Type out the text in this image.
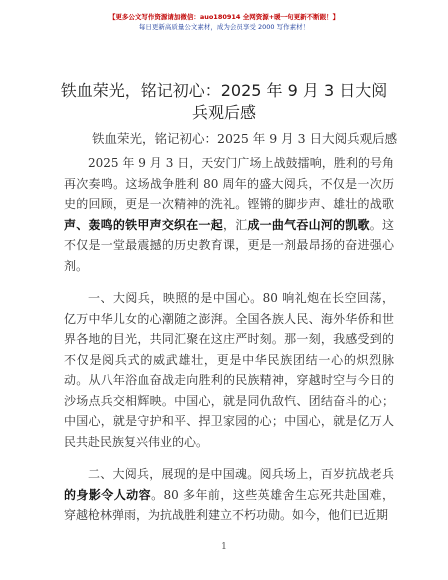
【更多公文写作资源请加微信：auo180914 全网资源+暖一句更新不断跟！】
每日更新高质量公文素材，成为会员享受 2000 写作素材！
铁血荣光，铭记初心：2025 年 9 月 3 日大阅兵观后感
铁血荣光，铭记初心：2025 年 9 月 3 日大阅兵观后感

2025 年 9 月 3 日，天安门广场上战鼓擂响，胜利的号角再次奏鸣。这场战争胜利 80 周年的盛大阅兵，不仅是一次历史的回顾，更是一次精神的洗礼。铿锵的脚步声、雄壮的战歌声、轰鸣的铁甲声交织在一起，汇成一曲气吞山河的凯歌。这不仅是一堂最震撼的历史教育课，更是一剂最昂扬的奋进强心剂。

一、大阅兵，映照的是中国心。80 响礼炮在长空回荡，亿万中华儿女的心潮随之澎湃。全国各族人民、海外华侨和世界各地的目光，共同汇聚在这庄严时刻。那一刻，我感受到的不仅是阅兵式的威武雄壮，更是中华民族团结一心的炽烈脉动。从八年浴血奋战走向胜利的民族精神，穿越时空与今日的沙场点兵交相辉映。中国心，就是同仇敌忾、团结奋斗的心；中国心，就是守护和平、捍卫家园的心；中国心，就是亿万人民共赴民族复兴伟业的心。

二、大阅兵，展现的是中国魂。阅兵场上，百岁抗战老兵的身影令人动容。80 多年前，这些英雄舍生忘死共赴国难，穿越枪林弹雨，为抗战胜利建立不朽功勋。如今，他们已近期

1
